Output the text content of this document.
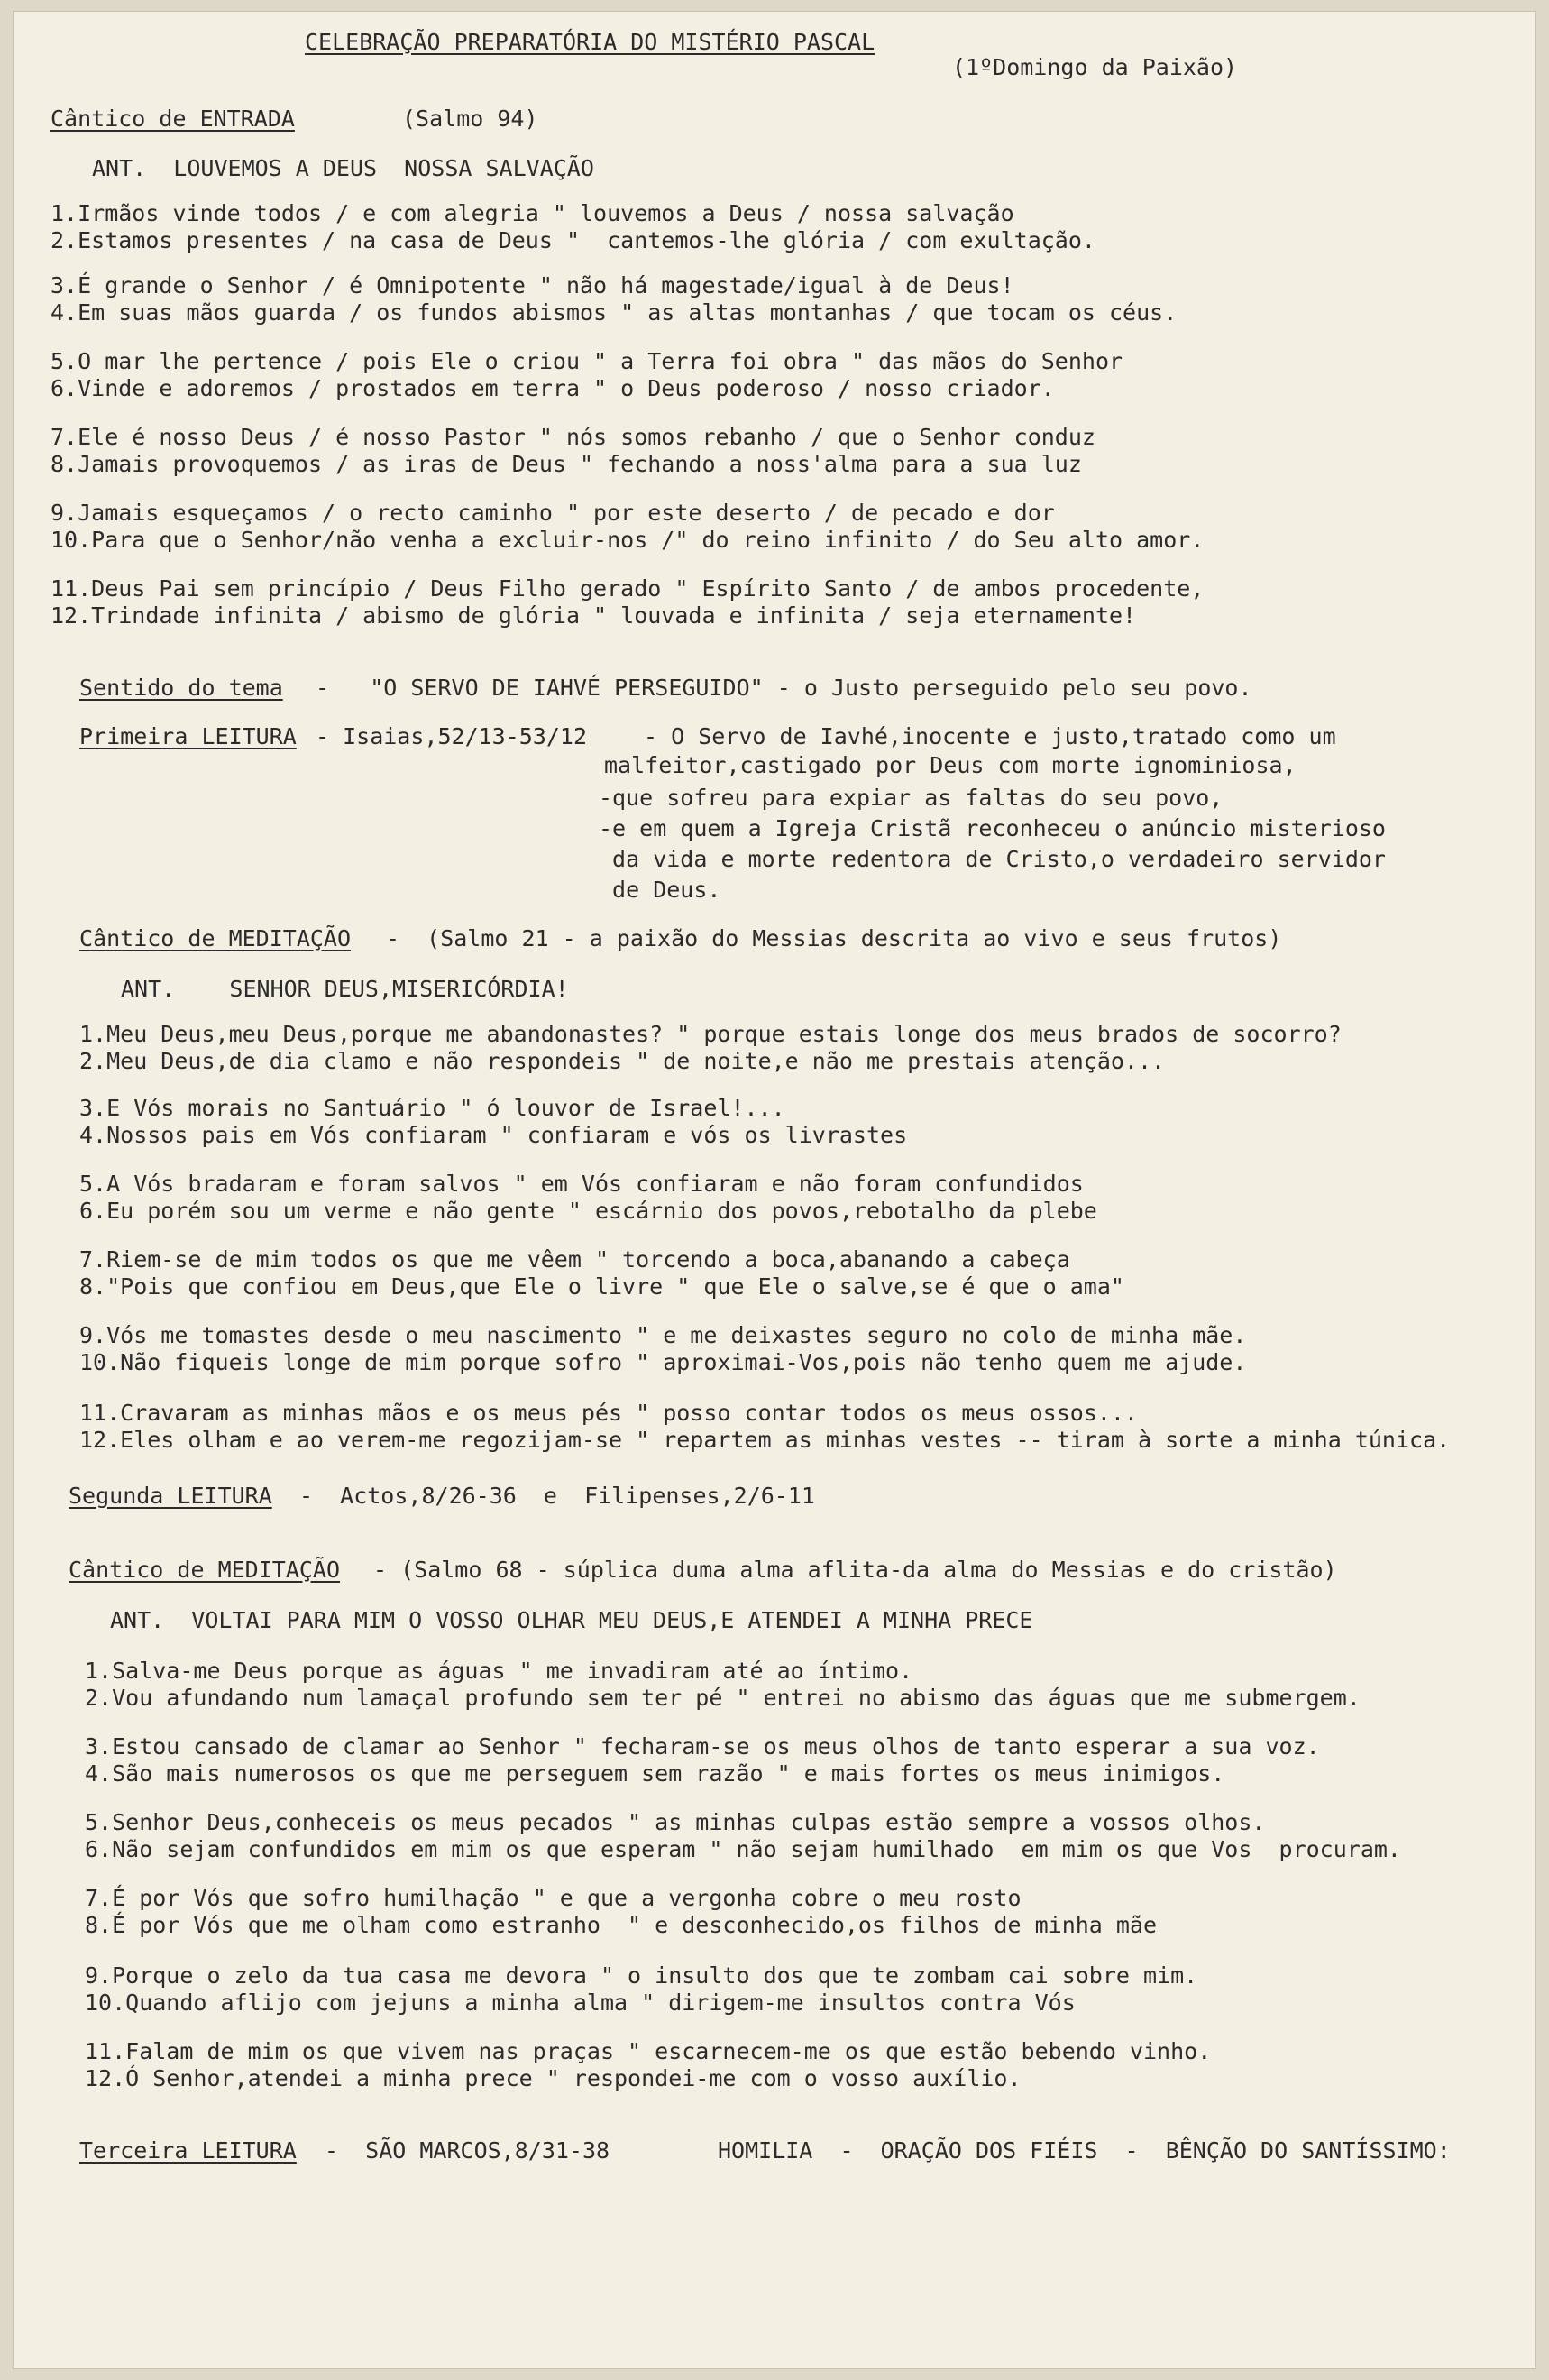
CELEBRAÇÃO PREPARATÓRIA DO MISTÉRIO PASCAL
(1ºDomingo da Paixão)
Cântico de ENTRADA	(Salmo 94)
ANT.  LOUVEMOS A DEUS  NOSSA SALVAÇÃO
1.Irmãos vinde todos / e com alegria " louvemos a Deus / nossa salvação
2.Estamos presentes / na casa de Deus "  cantemos-lhe glória / com exultação.
3.É grande o Senhor / é Omnipotente " não há magestade/igual à de Deus!
4.Em suas mãos guarda / os fundos abismos " as altas montanhas / que tocam os céus.
5.O mar lhe pertence / pois Ele o criou " a Terra foi obra " das mãos do Senhor
6.Vinde e adoremos / prostados em terra " o Deus poderoso / nosso criador.
7.Ele é nosso Deus / é nosso Pastor " nós somos rebanho / que o Senhor conduz
8.Jamais provoquemos / as iras de Deus " fechando a noss'alma para a sua luz
9.Jamais esqueçamos / o recto caminho " por este deserto / de pecado e dor
10.Para que o Senhor/não venha a excluir-nos /" do reino infinito / do Seu alto amor.
11.Deus Pai sem princípio / Deus Filho gerado " Espírito Santo / de ambos procedente,
12.Trindade infinita / abismo de glória " louvada e infinita / seja eternamente!
Sentido do tema -   "O SERVO DE IAHVÉ PERSEGUIDO" - o Justo perseguido pelo seu povo.
Primeira LEITURA - Isaias,52/13-53/12	- O Servo de Iavhé,inocente e justo,tratado como um
malfeitor,castigado por Deus com morte ignominiosa,
-que sofreu para expiar as faltas do seu povo,
-e em quem a Igreja Cristã reconheceu o anúncio misterioso
da vida e morte redentora de Cristo,o verdadeiro servidor
de Deus.
Cântico de MEDITAÇÃO -  (Salmo 21 - a paixão do Messias descrita ao vivo e seus frutos)
ANT.    SENHOR DEUS,MISERICÓRDIA!
1.Meu Deus,meu Deus,porque me abandonastes? " porque estais longe dos meus brados de socorro?
2.Meu Deus,de dia clamo e não respondeis " de noite,e não me prestais atenção...
3.E Vós morais no Santuário " ó louvor de Israel!...
4.Nossos pais em Vós confiaram " confiaram e vós os livrastes
5.A Vós bradaram e foram salvos " em Vós confiaram e não foram confundidos
6.Eu porém sou um verme e não gente " escárnio dos povos,rebotalho da plebe
7.Riem-se de mim todos os que me vêem " torcendo a boca,abanando a cabeça
8."Pois que confiou em Deus,que Ele o livre " que Ele o salve,se é que o ama"
9.Vós me tomastes desde o meu nascimento " e me deixastes seguro no colo de minha mãe.
10.Não fiqueis longe de mim porque sofro " aproximai-Vos,pois não tenho quem me ajude.
11.Cravaram as minhas mãos e os meus pés " posso contar todos os meus ossos...
12.Eles olham e ao verem-me regozijam-se " repartem as minhas vestes -- tiram à sorte a minha túnica.
Segunda LEITURA -  Actos,8/26-36  e  Filipenses,2/6-11
Cântico de MEDITAÇÃO - (Salmo 68 - súplica duma alma aflita-da alma do Messias e do cristão)
ANT.  VOLTAI PARA MIM O VOSSO OLHAR MEU DEUS,E ATENDEI A MINHA PRECE
1.Salva-me Deus porque as águas " me invadiram até ao íntimo.
2.Vou afundando num lamaçal profundo sem ter pé " entrei no abismo das águas que me submergem.
3.Estou cansado de clamar ao Senhor " fecharam-se os meus olhos de tanto esperar a sua voz.
4.São mais numerosos os que me perseguem sem razão " e mais fortes os meus inimigos.
5.Senhor Deus,conheceis os meus pecados " as minhas culpas estão sempre a vossos olhos.
6.Não sejam confundidos em mim os que esperam " não sejam humilhado  em mim os que Vos  procuram.
7.É por Vós que sofro humilhação " e que a vergonha cobre o meu rosto
8.É por Vós que me olham como estranho  " e desconhecido,os filhos de minha mãe
9.Porque o zelo da tua casa me devora " o insulto dos que te zombam cai sobre mim.
10.Quando aflijo com jejuns a minha alma " dirigem-me insultos contra Vós
11.Falam de mim os que vivem nas praças " escarnecem-me os que estão bebendo vinho.
12.Ó Senhor,atendei a minha prece " respondei-me com o vosso auxílio.
Terceira LEITURA -  SÃO MARCOS,8/31-38	HOMILIA  -  ORAÇÃO DOS FIÉIS  -  BÊNÇÃO DO SANTÍSSIMO:
